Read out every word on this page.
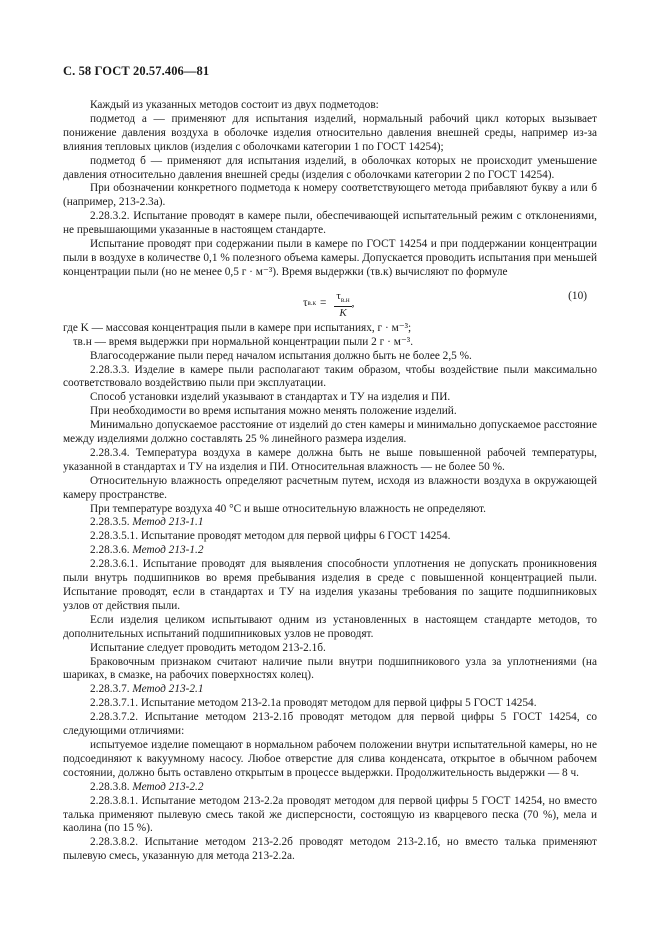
С. 58 ГОСТ 20.57.406—81

Каждый из указанных методов состоит из двух подметодов:

подметод а — применяют для испытания изделий, нормальный рабочий цикл которых вызывает понижение давления воздуха в оболочке изделия относительно давления внешней среды, например из-за влияния тепловых циклов (изделия с оболочками категории 1 по ГОСТ 14254);

подметод б — применяют для испытания изделий, в оболочках которых не происходит уменьшение давления относительно давления внешней среды (изделия с оболочками категории 2 по ГОСТ 14254).

При обозначении конкретного подметода к номеру соответствующего метода прибавляют букву а или б (например, 213-2.3а).

2.28.3.2. Испытание проводят в камере пыли, обеспечивающей испытательный режим с отклонениями, не превышающими указанные в настоящем стандарте.

Испытание проводят при содержании пыли в камере по ГОСТ 14254 и при поддержании концентрации пыли в воздухе в количестве 0,1 % полезного объема камеры. Допускается проводить испытания при меньшей концентрации пыли (но не менее 0,5 г · м⁻³). Время выдержки (τв.к) вычисляют по формуле

τ $в.к = \frac{\tau_{в.н}}{K}$ ,
(10)

где K — массовая концентрация пыли в камере при испытаниях, г · м⁻³;

τв.н — время выдержки при нормальной концентрации пыли 2 г · м⁻³.

Влагосодержание пыли перед началом испытания должно быть не более 2,5 %.

2.28.3.3. Изделие в камере пыли располагают таким образом, чтобы воздействие пыли максимально соответствовало воздействию пыли при эксплуатации.

Способ установки изделий указывают в стандартах и ТУ на изделия и ПИ.

При необходимости во время испытания можно менять положение изделий.

Минимально допускаемое расстояние от изделий до стен камеры и минимально допускаемое расстояние между изделиями должно составлять 25 % линейного размера изделия.

2.28.3.4. Температура воздуха в камере должна быть не выше повышенной рабочей температуры, указанной в стандартах и ТУ на изделия и ПИ. Относительная влажность — не более 50 %.

Относительную влажность определяют расчетным путем, исходя из влажности воздуха в окружающей камеру пространстве.

При температуре воздуха 40 °С и выше относительную влажность не определяют.

2.28.3.5. Метод 213-1.1

2.28.3.5.1. Испытание проводят методом для первой цифры 6 ГОСТ 14254.

2.28.3.6. Метод 213-1.2

2.28.3.6.1. Испытание проводят для выявления способности уплотнения не допускать проникновения пыли внутрь подшипников во время пребывания изделия в среде с повышенной концентрацией пыли. Испытание проводят, если в стандартах и ТУ на изделия указаны требования по защите подшипниковых узлов от действия пыли.

Если изделия целиком испытывают одним из установленных в настоящем стандарте методов, то дополнительных испытаний подшипниковых узлов не проводят.

Испытание следует проводить методом 213-2.1б.

Браковочным признаком считают наличие пыли внутри подшипникового узла за уплотнениями (на шариках, в смазке, на рабочих поверхностях колец).

2.28.3.7. Метод 213-2.1

2.28.3.7.1. Испытание методом 213-2.1а проводят методом для первой цифры 5 ГОСТ 14254.

2.28.3.7.2. Испытание методом 213-2.1б проводят методом для первой цифры 5 ГОСТ 14254, со следующими отличиями:

испытуемое изделие помещают в нормальном рабочем положении внутри испытательной камеры, но не подсоединяют к вакуумному насосу. Любое отверстие для слива конденсата, открытое в обычном рабочем состоянии, должно быть оставлено открытым в процессе выдержки. Продолжительность выдержки — 8 ч.

2.28.3.8. Метод 213-2.2

2.28.3.8.1. Испытание методом 213-2.2а проводят методом для первой цифры 5 ГОСТ 14254, но вместо талька применяют пылевую смесь такой же дисперсности, состоящую из кварцевого песка (70 %), мела и каолина (по 15 %).

2.28.3.8.2. Испытание методом 213-2.2б проводят методом 213-2.1б, но вместо талька применяют пылевую смесь, указанную для метода 213-2.2а.
